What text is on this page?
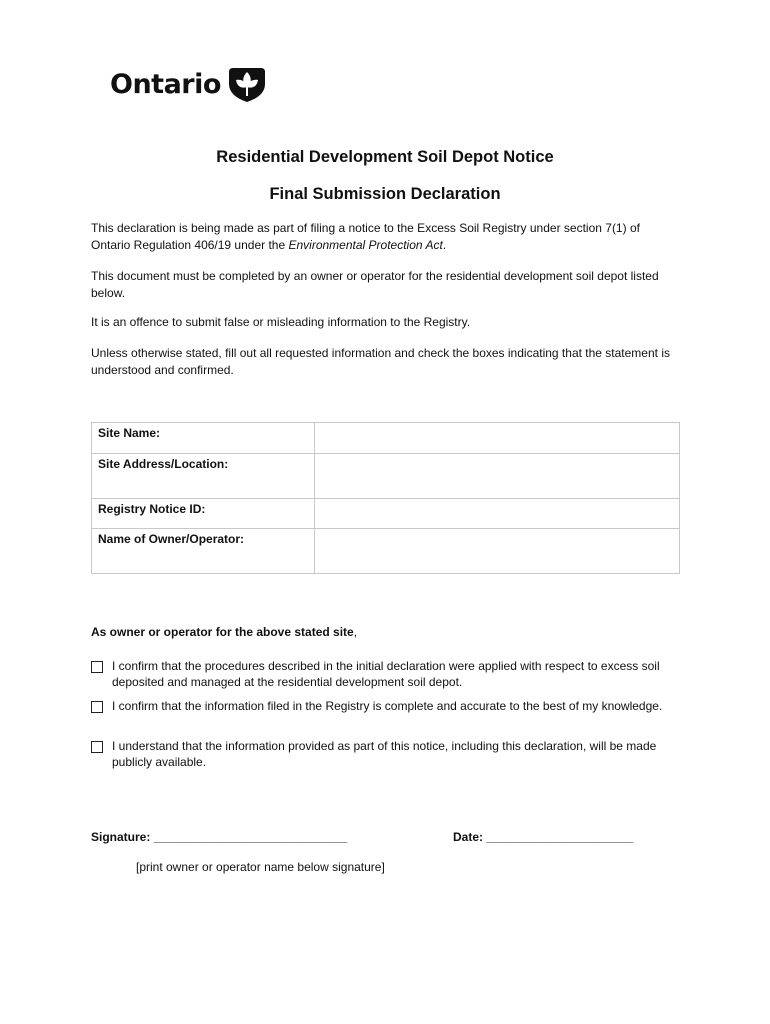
Ontario
Residential Development Soil Depot Notice
Final Submission Declaration

This declaration is being made as part of filing a notice to the Excess Soil Registry under section 7(1) of Ontario Regulation 406/19 under the Environmental Protection Act.

This document must be completed by an owner or operator for the residential development soil depot listed below.

It is an offence to submit false or misleading information to the Registry.

Unless otherwise stated, fill out all requested information and check the boxes indicating that the statement is understood and confirmed.

Site Name:	
Site Address/Location:	
Registry Notice ID:	
Name of Owner/Operator:	
As owner or operator for the above stated site,
I confirm that the procedures described in the initial declaration were applied with respect to excess soil deposited and managed at the residential development soil depot.
I confirm that the information filed in the Registry is complete and accurate to the best of my knowledge.
I understand that the information provided as part of this notice, including this declaration, will be made publicly available.
Signature: _____________________________	Date: ______________________
[print owner or operator name below signature]
